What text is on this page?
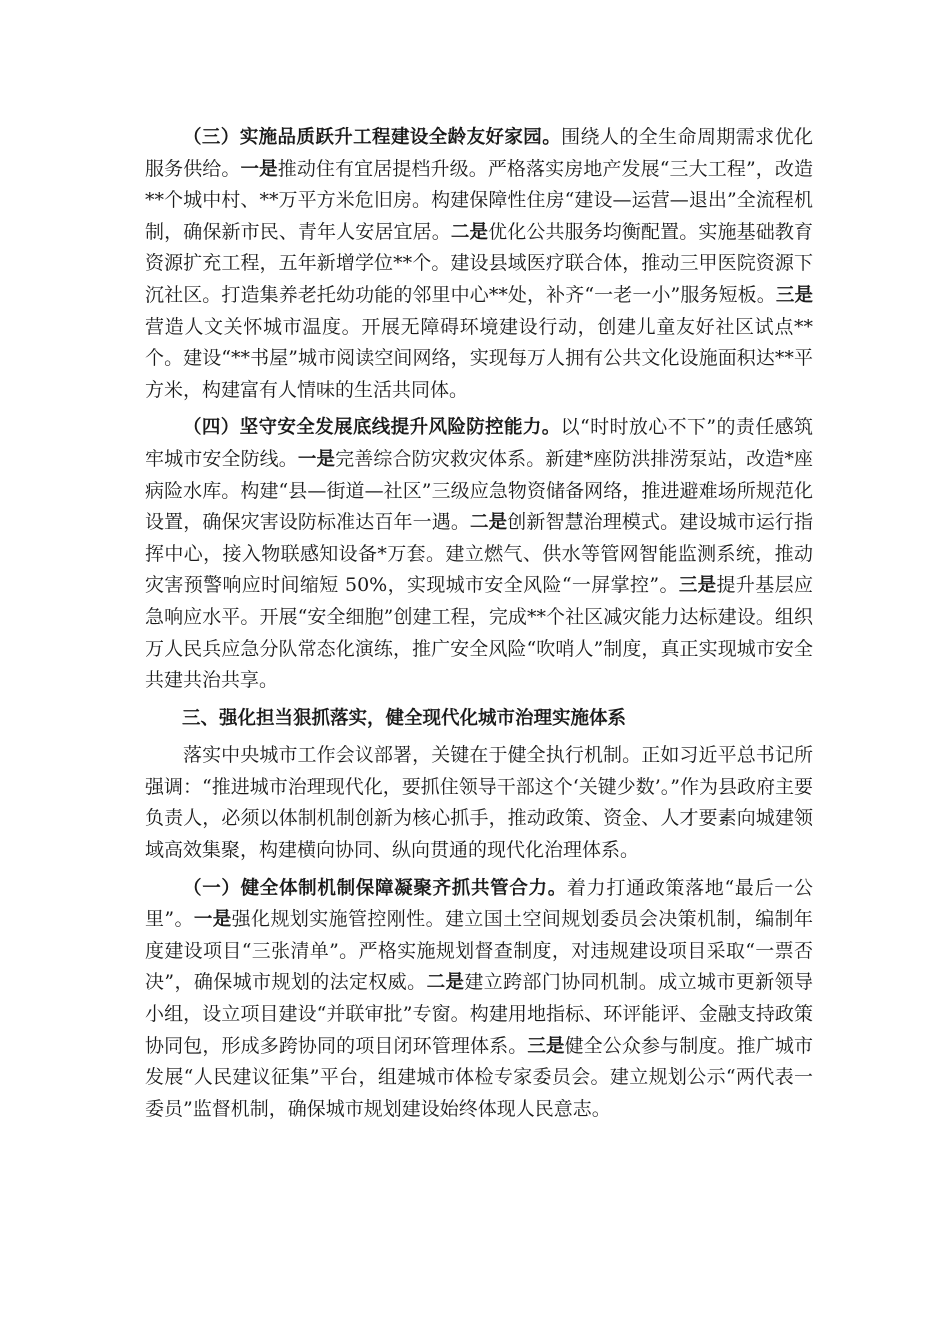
（三）实施品质跃升工程建设全龄友好家园。围绕人的全生命周期需求优化服务供给。一是推动住有宜居提档升级。严格落实房地产发展“三大工程”，改造**个城中村、**万平方米危旧房。构建保障性住房“建设—运营—退出”全流程机制，确保新市民、青年人安居宜居。二是优化公共服务均衡配置。实施基础教育资源扩充工程，五年新增学位**个。建设县域医疗联合体，推动三甲医院资源下沉社区。打造集养老托幼功能的邻里中心**处，补齐“一老一小”服务短板。三是营造人文关怀城市温度。开展无障碍环境建设行动，创建儿童友好社区试点**个。建设“**书屋”城市阅读空间网络，实现每万人拥有公共文化设施面积达**平方米，构建富有人情味的生活共同体。

（四）坚守安全发展底线提升风险防控能力。以“时时放心不下”的责任感筑牢城市安全防线。一是完善综合防灾救灾体系。新建*座防洪排涝泵站，改造*座病险水库。构建“县—街道—社区”三级应急物资储备网络，推进避难场所规范化设置，确保灾害设防标准达百年一遇。二是创新智慧治理模式。建设城市运行指挥中心，接入物联感知设备*万套。建立燃气、供水等管网智能监测系统，推动灾害预警响应时间缩短 50%，实现城市安全风险“一屏掌控”。三是提升基层应急响应水平。开展“安全细胞”创建工程，完成**个社区减灾能力达标建设。组织万人民兵应急分队常态化演练，推广安全风险“吹哨人”制度，真正实现城市安全共建共治共享。

三、强化担当狠抓落实，健全现代化城市治理实施体系

落实中央城市工作会议部署，关键在于健全执行机制。正如习近平总书记所强调：“推进城市治理现代化，要抓住领导干部这个‘关键少数’。”作为县政府主要负责人，必须以体制机制创新为核心抓手，推动政策、资金、人才要素向城建领域高效集聚，构建横向协同、纵向贯通的现代化治理体系。

（一）健全体制机制保障凝聚齐抓共管合力。着力打通政策落地“最后一公里”。一是强化规划实施管控刚性。建立国土空间规划委员会决策机制，编制年度建设项目“三张清单”。严格实施规划督查制度，对违规建设项目采取“一票否决”，确保城市规划的法定权威。二是建立跨部门协同机制。成立城市更新领导小组，设立项目建设“并联审批”专窗。构建用地指标、环评能评、金融支持政策协同包，形成多跨协同的项目闭环管理体系。三是健全公众参与制度。推广城市发展“人民建议征集”平台，组建城市体检专家委员会。建立规划公示“两代表一委员”监督机制，确保城市规划建设始终体现人民意志。
